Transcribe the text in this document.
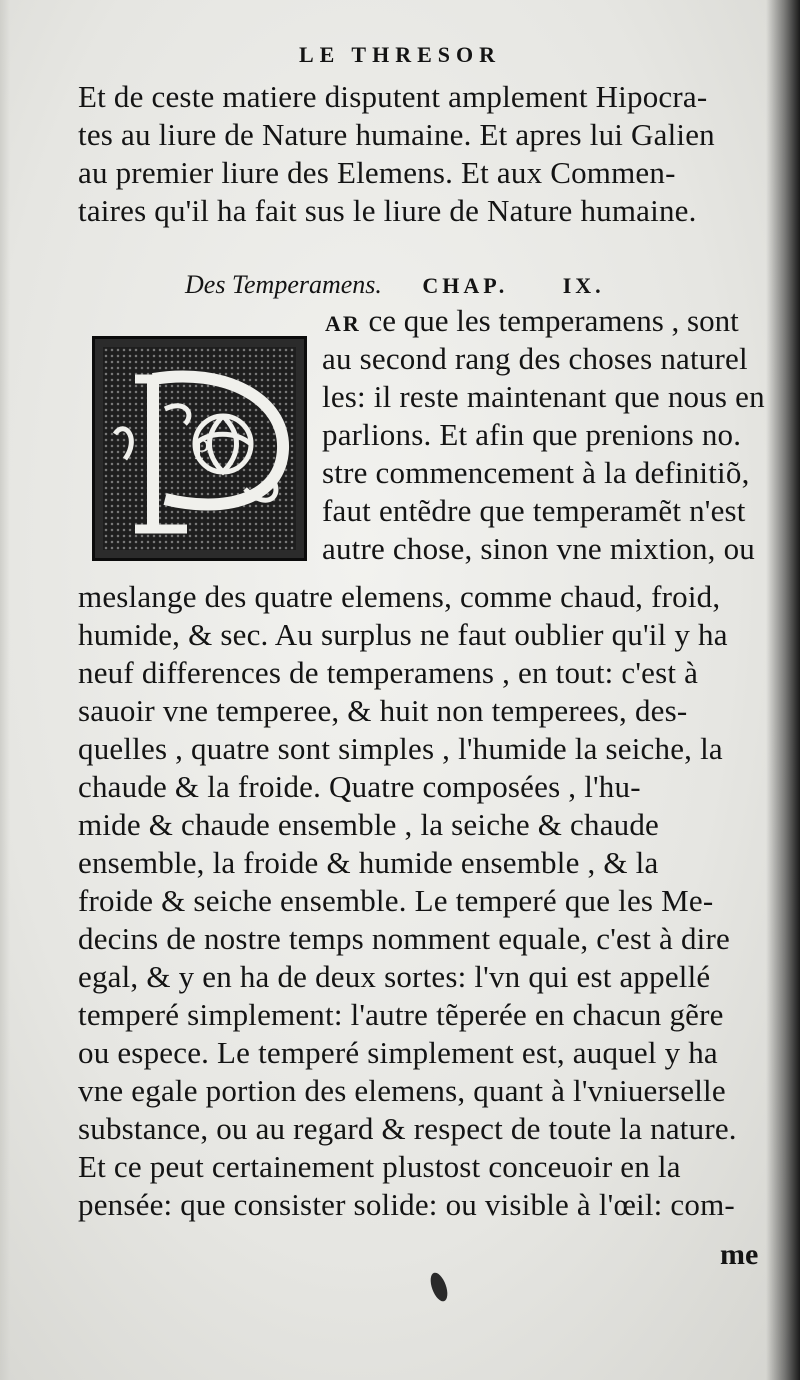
LE THRESOR
Et de ceste matiere disputent amplement Hipocra-
tes au liure de Nature humaine. Et apres lui Galien
au premier liure des Elemens. Et aux Commen-
taires qu'il ha fait sus le liure de Nature humaine.
Des Temperamens. CHAP. IX.
P
AR ce que les temperamens , sont
au second rang des choses naturel
les: il reste maintenant que nous en
parlions. Et afin que prenions no.
stre commencement à la definitiõ,
faut entẽdre que temperamẽt n'est
autre chose, sinon vne mixtion, ou
meslange des quatre elemens, comme chaud, froid,
humide, & sec. Au surplus ne faut oublier qu'il y ha
neuf differences de temperamens , en tout: c'est à
sauoir vne temperee, & huit non temperees, des-
quelles , quatre sont simples , l'humide la seiche, la
chaude & la froide. Quatre composées , l'hu-
mide & chaude ensemble , la seiche & chaude
ensemble, la froide & humide ensemble , & la
froide & seiche ensemble. Le temperé que les Me-
decins de nostre temps nomment equale, c'est à dire
egal, & y en ha de deux sortes: l'vn qui est appellé
temperé simplement: l'autre tẽperée en chacun gẽre
ou espece. Le temperé simplement est, auquel y ha
vne egale portion des elemens, quant à l'vniuerselle
substance, ou au regard & respect de toute la nature.
Et ce peut certainement plustost conceuoir en la
pensée: que consister solide: ou visible à l'œil: com-
me
